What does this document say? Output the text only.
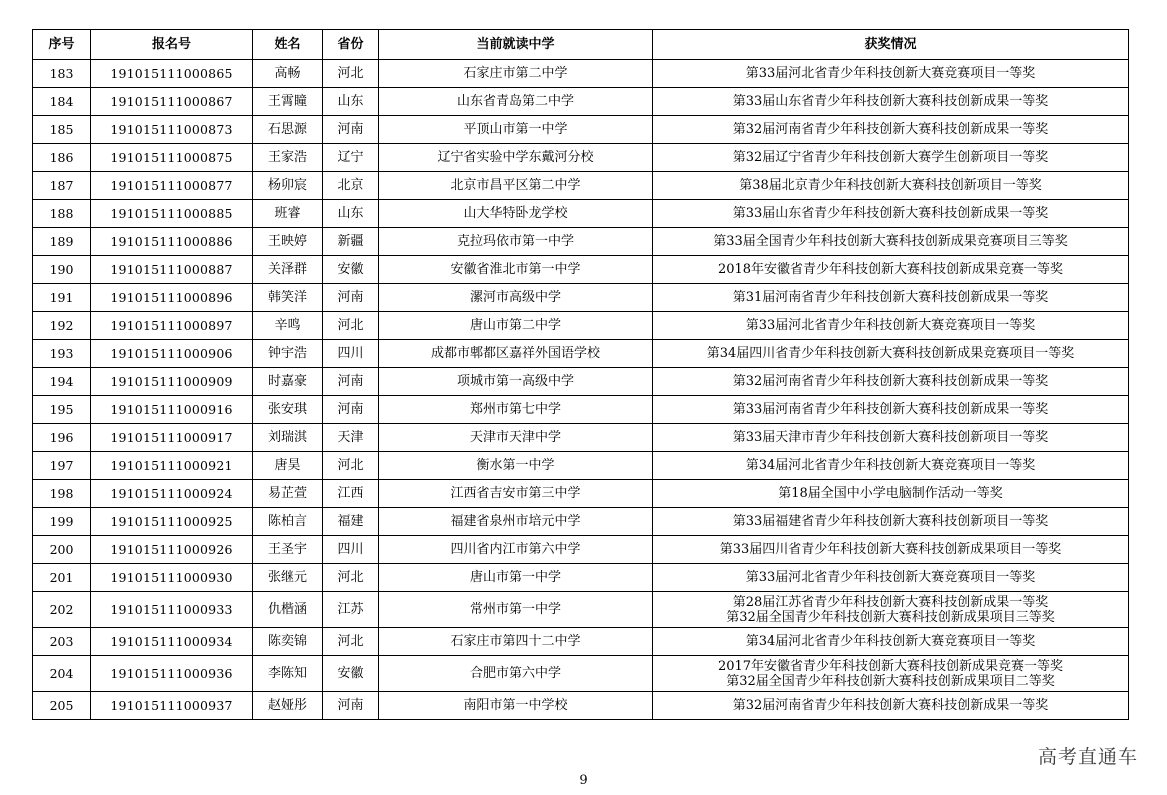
序号	报名号	姓名	省份	当前就读中学	获奖情况
183	191015111000865	高畅	河北	石家庄市第二中学	第33届河北省青少年科技创新大赛竞赛项目一等奖

184	191015111000867	王霄瞳	山东	山东省青岛第二中学	第33届山东省青少年科技创新大赛科技创新成果一等奖

185	191015111000873	石思源	河南	平顶山市第一中学	第32届河南省青少年科技创新大赛科技创新成果一等奖

186	191015111000875	王家浩	辽宁	辽宁省实验中学东戴河分校	第32届辽宁省青少年科技创新大赛学生创新项目一等奖

187	191015111000877	杨卯宸	北京	北京市昌平区第二中学	第38届北京青少年科技创新大赛科技创新项目一等奖

188	191015111000885	班睿	山东	山大华特卧龙学校	第33届山东省青少年科技创新大赛科技创新成果一等奖

189	191015111000886	王映婷	新疆	克拉玛依市第一中学	第33届全国青少年科技创新大赛科技创新成果竞赛项目三等奖

190	191015111000887	关泽群	安徽	安徽省淮北市第一中学	2018年安徽省青少年科技创新大赛科技创新成果竞赛一等奖

191	191015111000896	韩笑洋	河南	漯河市高级中学	第31届河南省青少年科技创新大赛科技创新成果一等奖

192	191015111000897	辛鸣	河北	唐山市第二中学	第33届河北省青少年科技创新大赛竞赛项目一等奖

193	191015111000906	钟宇浩	四川	成都市郫都区嘉祥外国语学校	第34届四川省青少年科技创新大赛科技创新成果竞赛项目一等奖

194	191015111000909	时嘉豪	河南	项城市第一高级中学	第32届河南省青少年科技创新大赛科技创新成果一等奖

195	191015111000916	张安琪	河南	郑州市第七中学	第33届河南省青少年科技创新大赛科技创新成果一等奖

196	191015111000917	刘瑞淇	天津	天津市天津中学	第33届天津市青少年科技创新大赛科技创新项目一等奖

197	191015111000921	唐昊	河北	衡水第一中学	第34届河北省青少年科技创新大赛竞赛项目一等奖

198	191015111000924	易芷萱	江西	江西省吉安市第三中学	第18届全国中小学电脑制作活动一等奖

199	191015111000925	陈柏言	福建	福建省泉州市培元中学	第33届福建省青少年科技创新大赛科技创新项目一等奖

200	191015111000926	王圣宇	四川	四川省内江市第六中学	第33届四川省青少年科技创新大赛科技创新成果项目一等奖

201	191015111000930	张继元	河北	唐山市第一中学	第33届河北省青少年科技创新大赛竞赛项目一等奖

202	191015111000933	仇楷涵	江苏	常州市第一中学	第28届江苏省青少年科技创新大赛科技创新成果一等奖
第32届全国青少年科技创新大赛科技创新成果项目三等奖

203	191015111000934	陈奕锦	河北	石家庄市第四十二中学	第34届河北省青少年科技创新大赛竞赛项目一等奖

204	191015111000936	李陈知	安徽	合肥市第六中学	2017年安徽省青少年科技创新大赛科技创新成果竞赛一等奖
第32届全国青少年科技创新大赛科技创新成果项目二等奖

205	191015111000937	赵娅彤	河南	南阳市第一中学校	第32届河南省青少年科技创新大赛科技创新成果一等奖
9
高考直通车
